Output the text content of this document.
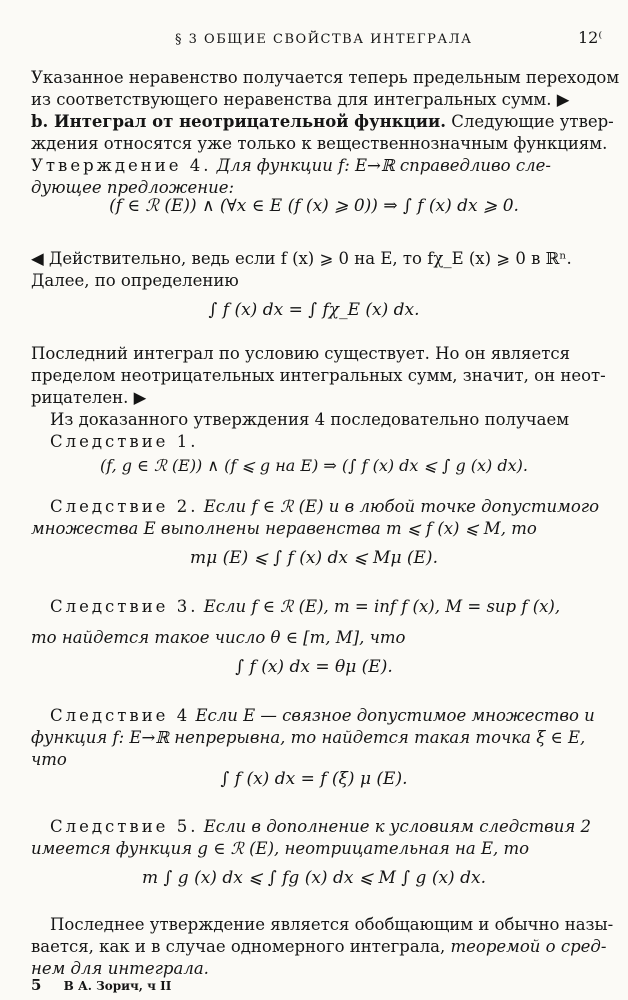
§ 3 ОБЩИЕ СВОЙСТВА ИНТЕГРАЛА	12⁽
Указанное неравенство получается теперь предельным переходом
из соответствующего неравенства для интегральных сумм. ▶
b. Интеграл от неотрицательной функции. Следующие утвер-
ждения относятся уже только к вещественнозначным функциям.
Утверждение 4. Для функции f: E→ℝ справедливо сле-
дующее предложение:
(f ∈ ℛ (E)) ∧ (∀x ∈ E (f (x) ⩾ 0)) ⇒ ∫ f (x) dx ⩾ 0.
◀ Действительно, ведь если f (x) ⩾ 0 на E, то fχ_E (x) ⩾ 0 в ℝⁿ.
Далее, по определению
∫ f (x) dx = ∫ fχ_E (x) dx.
Последний интеграл по условию существует. Но он является
пределом неотрицательных интегральных сумм, значит, он неот-
рицателен. ▶
Из доказанного утверждения 4 последовательно получаем
Следствие 1.
(f, g ∈ ℛ (E)) ∧ (f ⩽ g на E) ⇒ (∫ f (x) dx ⩽ ∫ g (x) dx).
Следствие 2. Если f ∈ ℛ (E) и в любой точке допустимого
множества E выполнены неравенства m ⩽ f (x) ⩽ M, то
mμ (E) ⩽ ∫ f (x) dx ⩽ Mμ (E).
Следствие 3. Если f ∈ ℛ (E), m = inf f (x), M = sup f (x),
то найдется такое число θ ∈ [m, M], что
∫ f (x) dx = θμ (E).
Следствие 4 Если E — связное допустимое множество и
функция f: E→ℝ непрерывна, то найдется такая точка ξ ∈ E,
что
∫ f (x) dx = f (ξ) μ (E).
Следствие 5. Если в дополнение к условиям следствия 2
имеется функция g ∈ ℛ (E), неотрицательная на E, то
m ∫ g (x) dx ⩽ ∫ fg (x) dx ⩽ M ∫ g (x) dx.
Последнее утверждение является обобщающим и обычно назы-
вается, как и в случае одномерного интеграла, теоремой о сред-
нем для интеграла.
5 В А. Зорич, ч II
